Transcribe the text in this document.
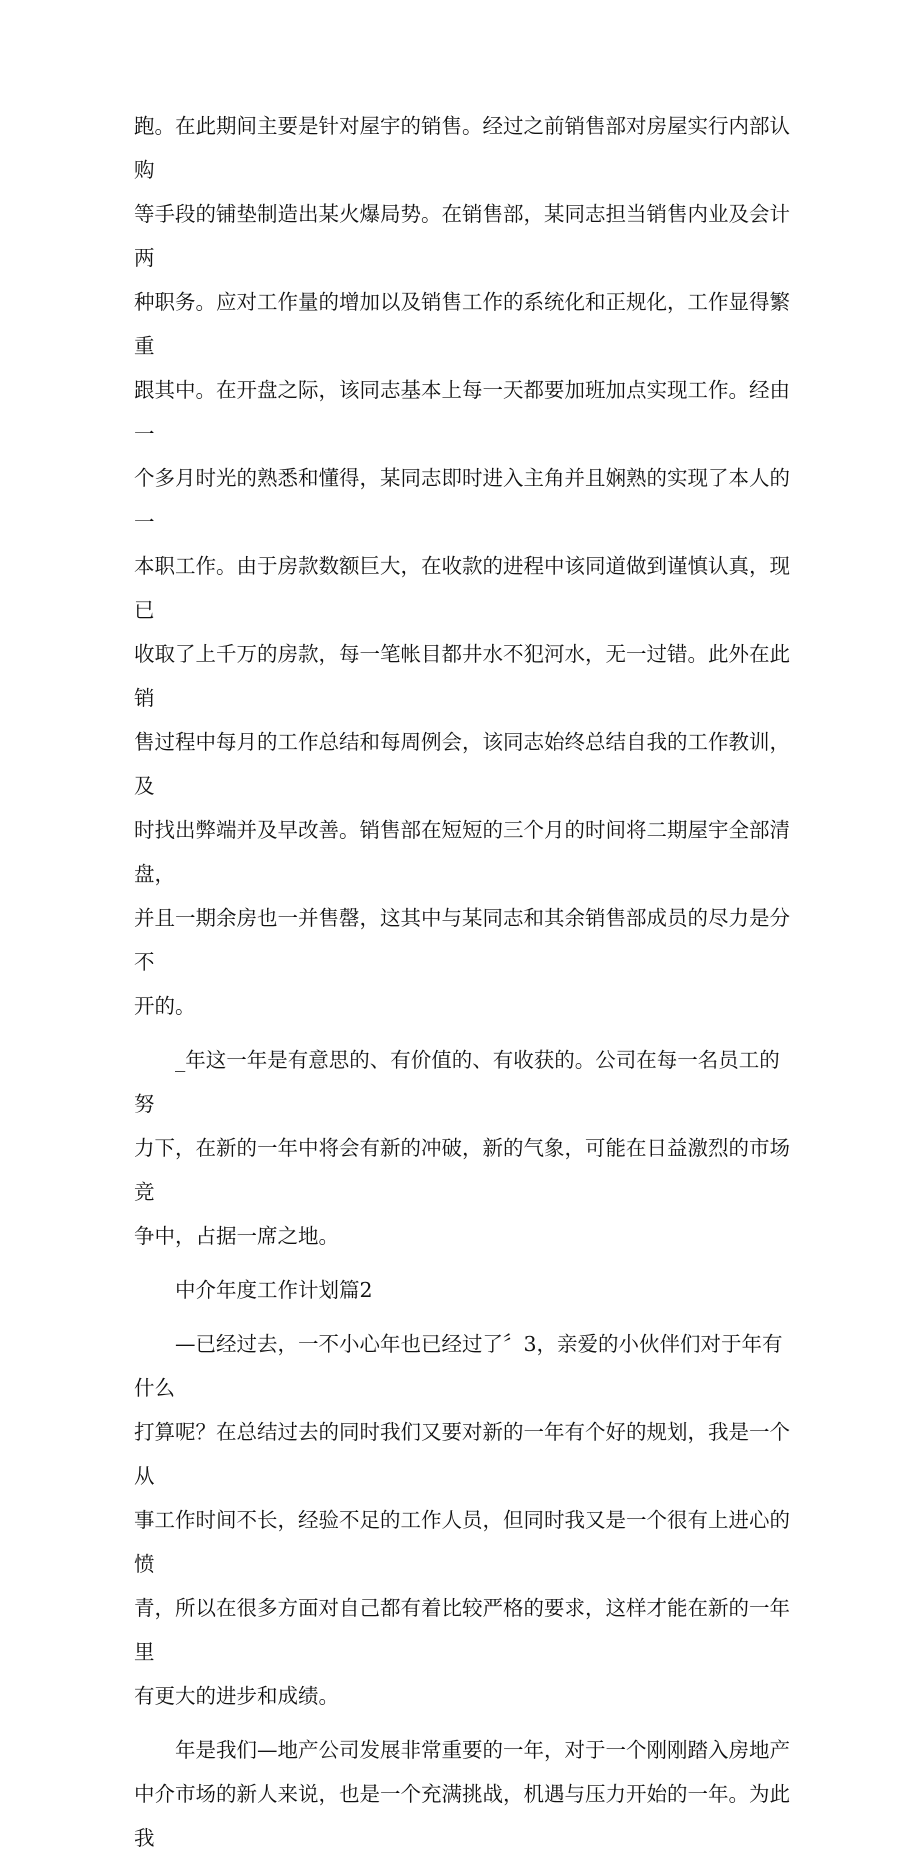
跑。在此期间主要是针对屋宇的销售。经过之前销售部对房屋实行内部认购
等手段的铺垫制造出某火爆局势。在销售部，某同志担当销售内业及会计两
种职务。应对工作量的增加以及销售工作的系统化和正规化，工作显得繁重
跟其中。在开盘之际，该同志基本上每一天都要加班加点实现工作。经由一
个多月时光的熟悉和懂得，某同志即时进入主角并且娴熟的实现了本人的一
本职工作。由于房款数额巨大，在收款的进程中该同道做到谨慎认真，现已
收取了上千万的房款，每一笔帐目都井水不犯河水，无一过错。此外在此销
售过程中每月的工作总结和每周例会，该同志始终总结自我的工作教训，及
时找出弊端并及早改善。销售部在短短的三个月的时间将二期屋宇全部清盘，
并且一期余房也一并售罄，这其中与某同志和其余销售部成员的尽力是分不
开的。

_年这一年是有意思的、有价值的、有收获的。公司在每一名员工的努
力下，在新的一年中将会有新的冲破，新的气象，可能在日益激烈的市场竞
争中，占据一席之地。

中介年度工作计划篇2

—已经过去，一不小心年也已经过了〞3，亲爱的小伙伴们对于年有什么
打算呢？在总结过去的同时我们又要对新的一年有个好的规划，我是一个从
事工作时间不长，经验不足的工作人员，但同时我又是一个很有上进心的愤
青，所以在很多方面对自己都有着比较严格的要求，这样才能在新的一年里
有更大的进步和成绩。

年是我们—地产公司发展非常重要的一年，对于一个刚刚踏入房地产
中介市场的新人来说，也是一个充满挑战，机遇与压力开始的一年。为此我
